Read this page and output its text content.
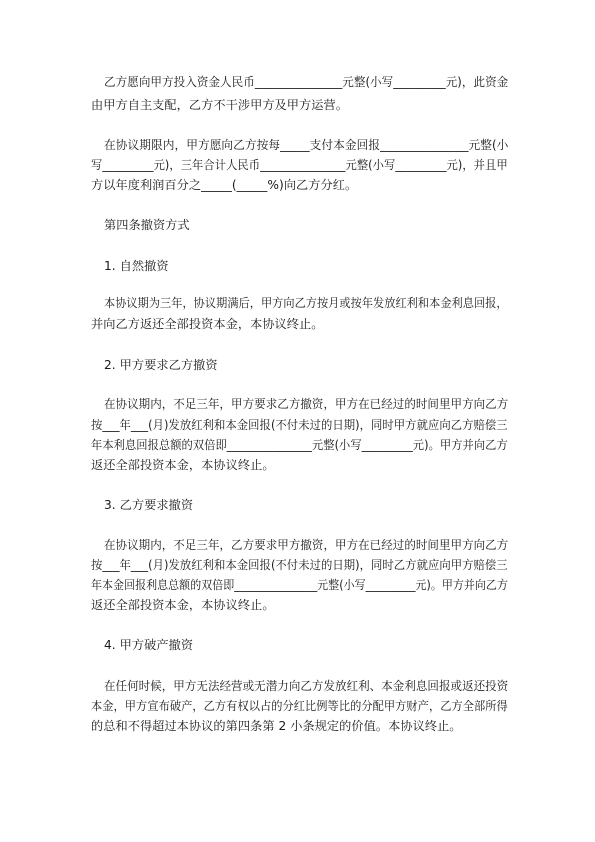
乙方愿向甲方投入资金人民币_______________元整(小写_________元)，此资金
由甲方自主支配，乙方不干涉甲方及甲方运营。
在协议期限内，甲方愿向乙方按每_____支付本金回报_______________元整(小
写_________元)，三年合计人民币_______________元整(小写_________元)，并且甲
方以年度利润百分之_____(_____%)向乙方分红。
第四条撤资方式
1. 自然撤资
本协议期为三年，协议期满后，甲方向乙方按月或按年发放红利和本金利息回报，
并向乙方返还全部投资本金，本协议终止。
2. 甲方要求乙方撤资
在协议期内，不足三年，甲方要求乙方撤资，甲方在已经过的时间里甲方向乙方
按___年___(月)发放红利和本金回报(不付未过的日期)，同时甲方就应向乙方赔偿三
年本利息回报总额的双倍即_______________元整(小写_________元)。甲方并向乙方
返还全部投资本金，本协议终止。
3. 乙方要求撤资
在协议期内，不足三年，乙方要求甲方撤资，甲方在已经过的时间里甲方向乙方
按___年___(月)发放红利和本金回报(不付未过的日期)，同时乙方就应向甲方赔偿三
年本金回报利息总额的双倍即_______________元整(小写_________元)。甲方并向乙方
返还全部投资本金，本协议终止。
4. 甲方破产撤资
在任何时候，甲方无法经营或无潜力向乙方发放红利、本金利息回报或返还投资
本金，甲方宣布破产，乙方有权以占的分红比例等比的分配甲方财产，乙方全部所得
的总和不得超过本协议的第四条第 2 小条规定的价值。本协议终止。
